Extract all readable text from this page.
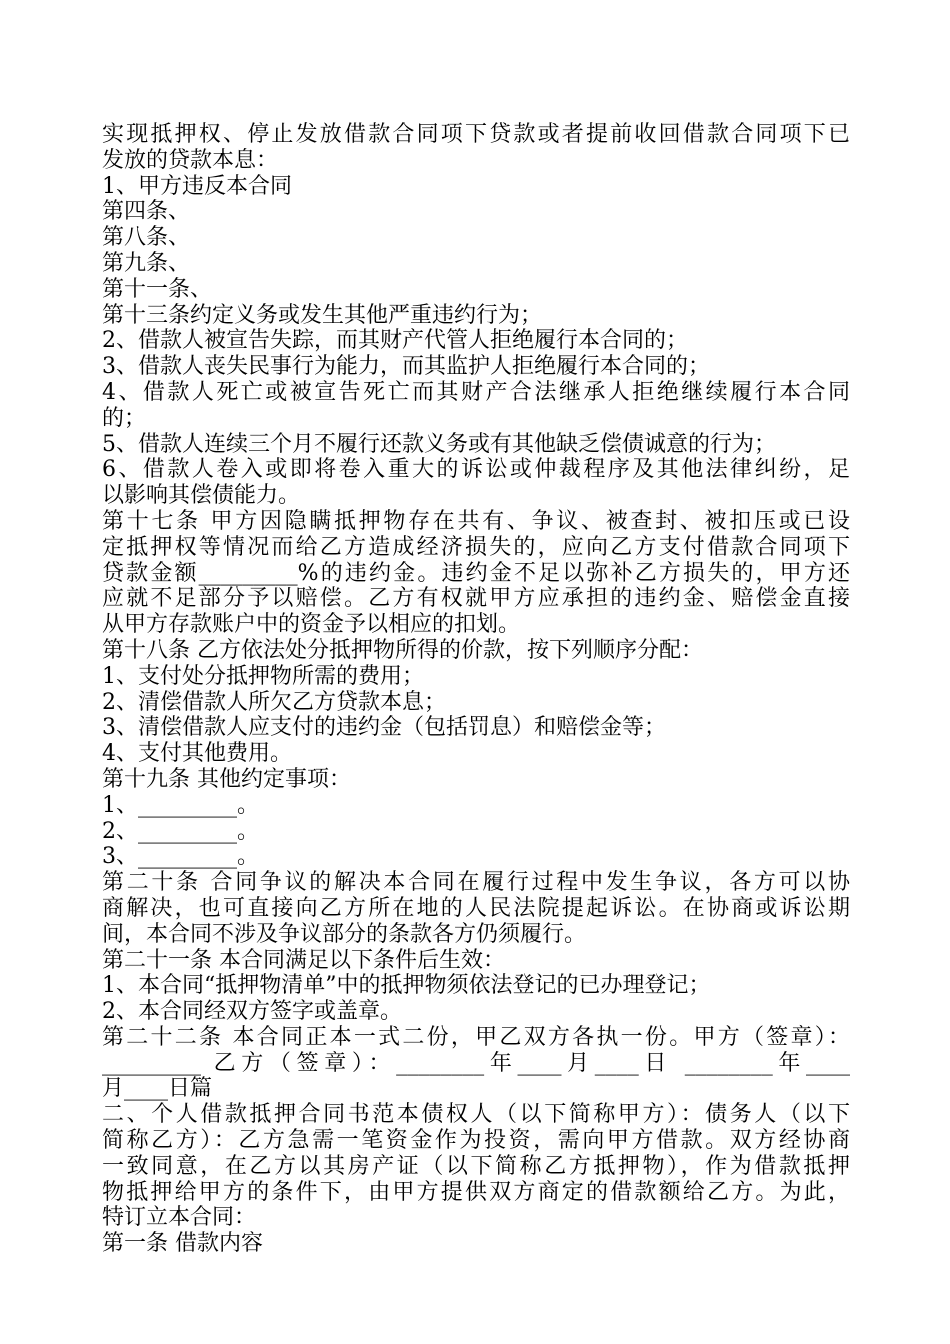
实现抵押权、停止发放借款合同项下贷款或者提前收回借款合同项下已
发放的贷款本息：
1、甲方违反本合同
第四条、
第八条、
第九条、
第十一条、
第十三条约定义务或发生其他严重违约行为；
2、借款人被宣告失踪，而其财产代管人拒绝履行本合同的；
3、借款人丧失民事行为能力，而其监护人拒绝履行本合同的；
4、借款人死亡或被宣告死亡而其财产合法继承人拒绝继续履行本合同
的；
5、借款人连续三个月不履行还款义务或有其他缺乏偿债诚意的行为；
6、借款人卷入或即将卷入重大的诉讼或仲裁程序及其他法律纠纷，足
以影响其偿债能力。
第十七条 甲方因隐瞒抵押物存在共有、争议、被查封、被扣压或已设
定抵押权等情况而给乙方造成经济损失的，应向乙方支付借款合同项下
贷款金额_________%的违约金。违约金不足以弥补乙方损失的，甲方还
应就不足部分予以赔偿。乙方有权就甲方应承担的违约金、赔偿金直接
从甲方存款账户中的资金予以相应的扣划。
第十八条 乙方依法处分抵押物所得的价款，按下列顺序分配：
1、支付处分抵押物所需的费用；
2、清偿借款人所欠乙方贷款本息；
3、清偿借款人应支付的违约金（包括罚息）和赔偿金等；
4、支付其他费用。
第十九条 其他约定事项：
1、_________。
2、_________。
3、_________。
第二十条 合同争议的解决本合同在履行过程中发生争议，各方可以协
商解决，也可直接向乙方所在地的人民法院提起诉讼。在协商或诉讼期
间，本合同不涉及争议部分的条款各方仍须履行。
第二十一条 本合同满足以下条件后生效：
1、本合同“抵押物清单”中的抵押物须依法登记的已办理登记；
2、本合同经双方签字或盖章。
第二十二条 本合同正本一式二份，甲乙双方各执一份。甲方（签章）：
_________ 乙方（签章）：________年____月____日 ________年____
月____日篇
二、个人借款抵押合同书范本债权人（以下简称甲方）：债务人（以下
简称乙方）：乙方急需一笔资金作为投资，需向甲方借款。双方经协商
一致同意，在乙方以其房产证（以下简称乙方抵押物），作为借款抵押
物抵押给甲方的条件下，由甲方提供双方商定的借款额给乙方。为此，
特订立本合同：
第一条 借款内容
